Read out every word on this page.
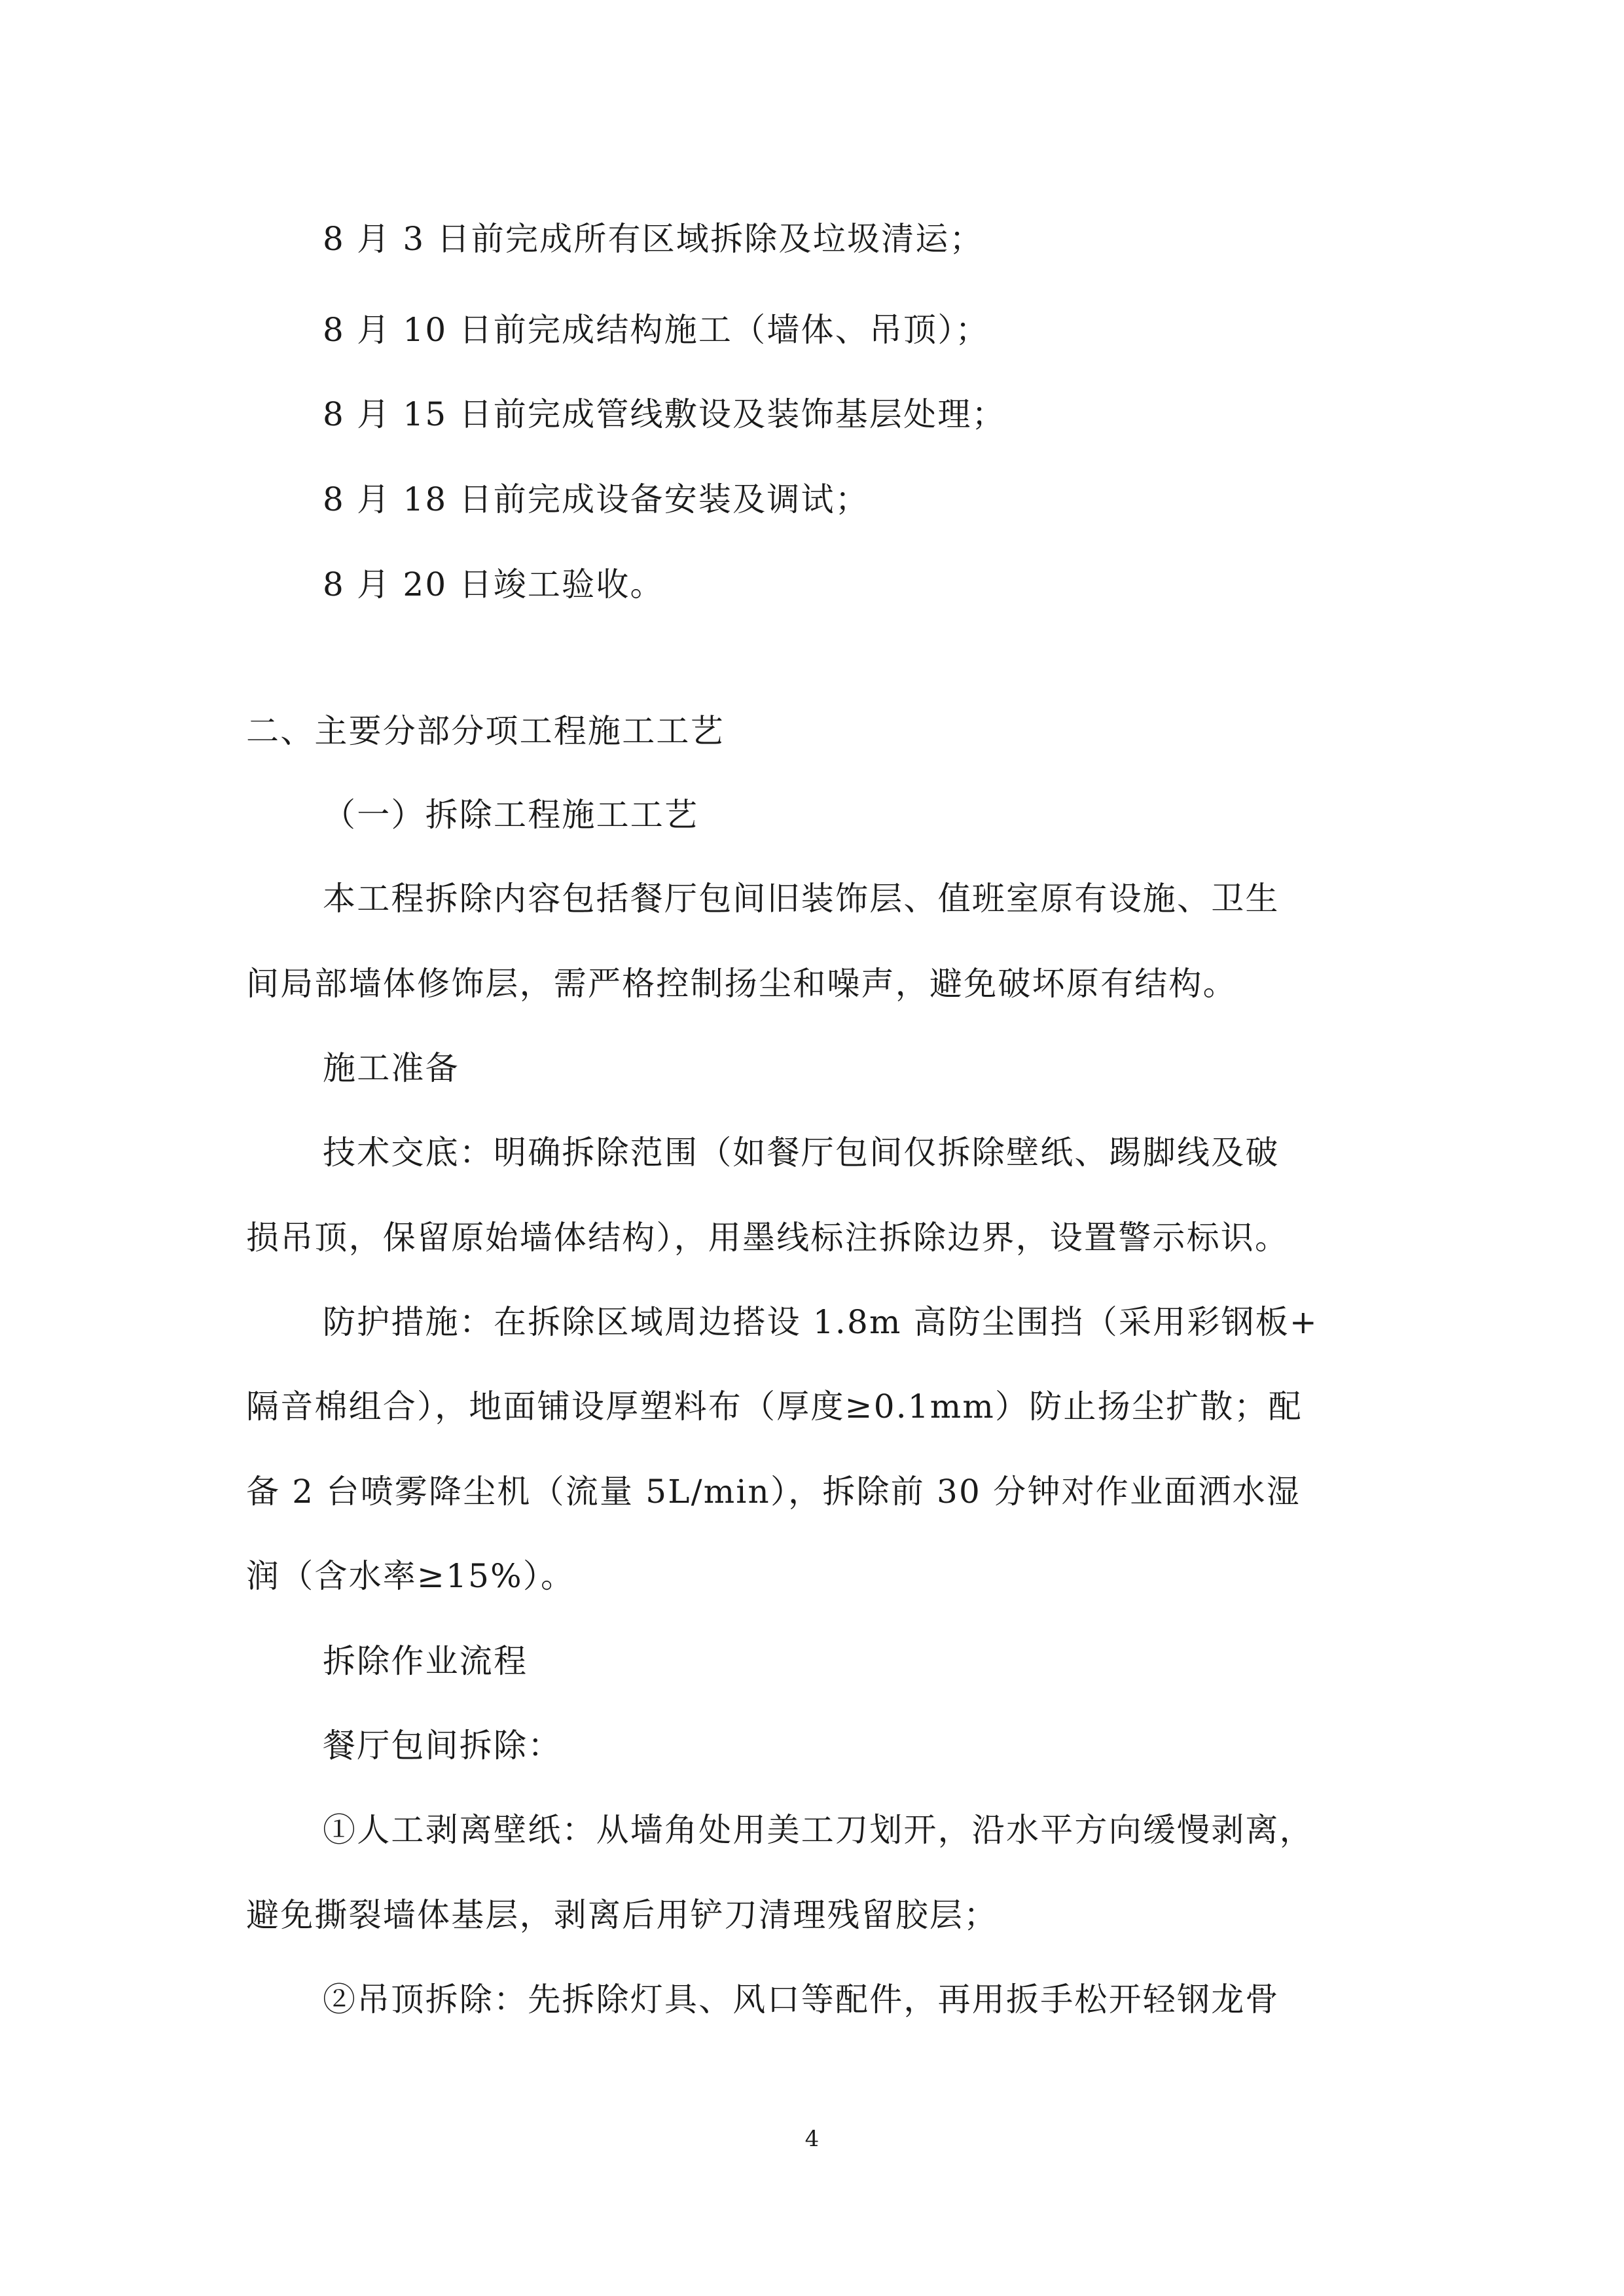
8 月 3 日前完成所有区域拆除及垃圾清运；
8 月 10 日前完成结构施工（墙体、吊顶）；
8 月 15 日前完成管线敷设及装饰基层处理；
8 月 18 日前完成设备安装及调试；
8 月 20 日竣工验收。
二、主要分部分项工程施工工艺
（一）拆除工程施工工艺
本工程拆除内容包括餐厅包间旧装饰层、值班室原有设施、卫生
间局部墙体修饰层，需严格控制扬尘和噪声，避免破坏原有结构。
施工准备
技术交底：明确拆除范围（如餐厅包间仅拆除壁纸、踢脚线及破
损吊顶，保留原始墙体结构），用墨线标注拆除边界，设置警示标识。
防护措施：在拆除区域周边搭设 1.8m 高防尘围挡（采用彩钢板+
隔音棉组合），地面铺设厚塑料布（厚度≥0.1mm）防止扬尘扩散；配
备 2 台喷雾降尘机（流量 5L/min），拆除前 30 分钟对作业面洒水湿
润（含水率≥15%）。
拆除作业流程
餐厅包间拆除：
①人工剥离壁纸：从墙角处用美工刀划开，沿水平方向缓慢剥离，
避免撕裂墙体基层，剥离后用铲刀清理残留胶层；
②吊顶拆除：先拆除灯具、风口等配件，再用扳手松开轻钢龙骨
4
